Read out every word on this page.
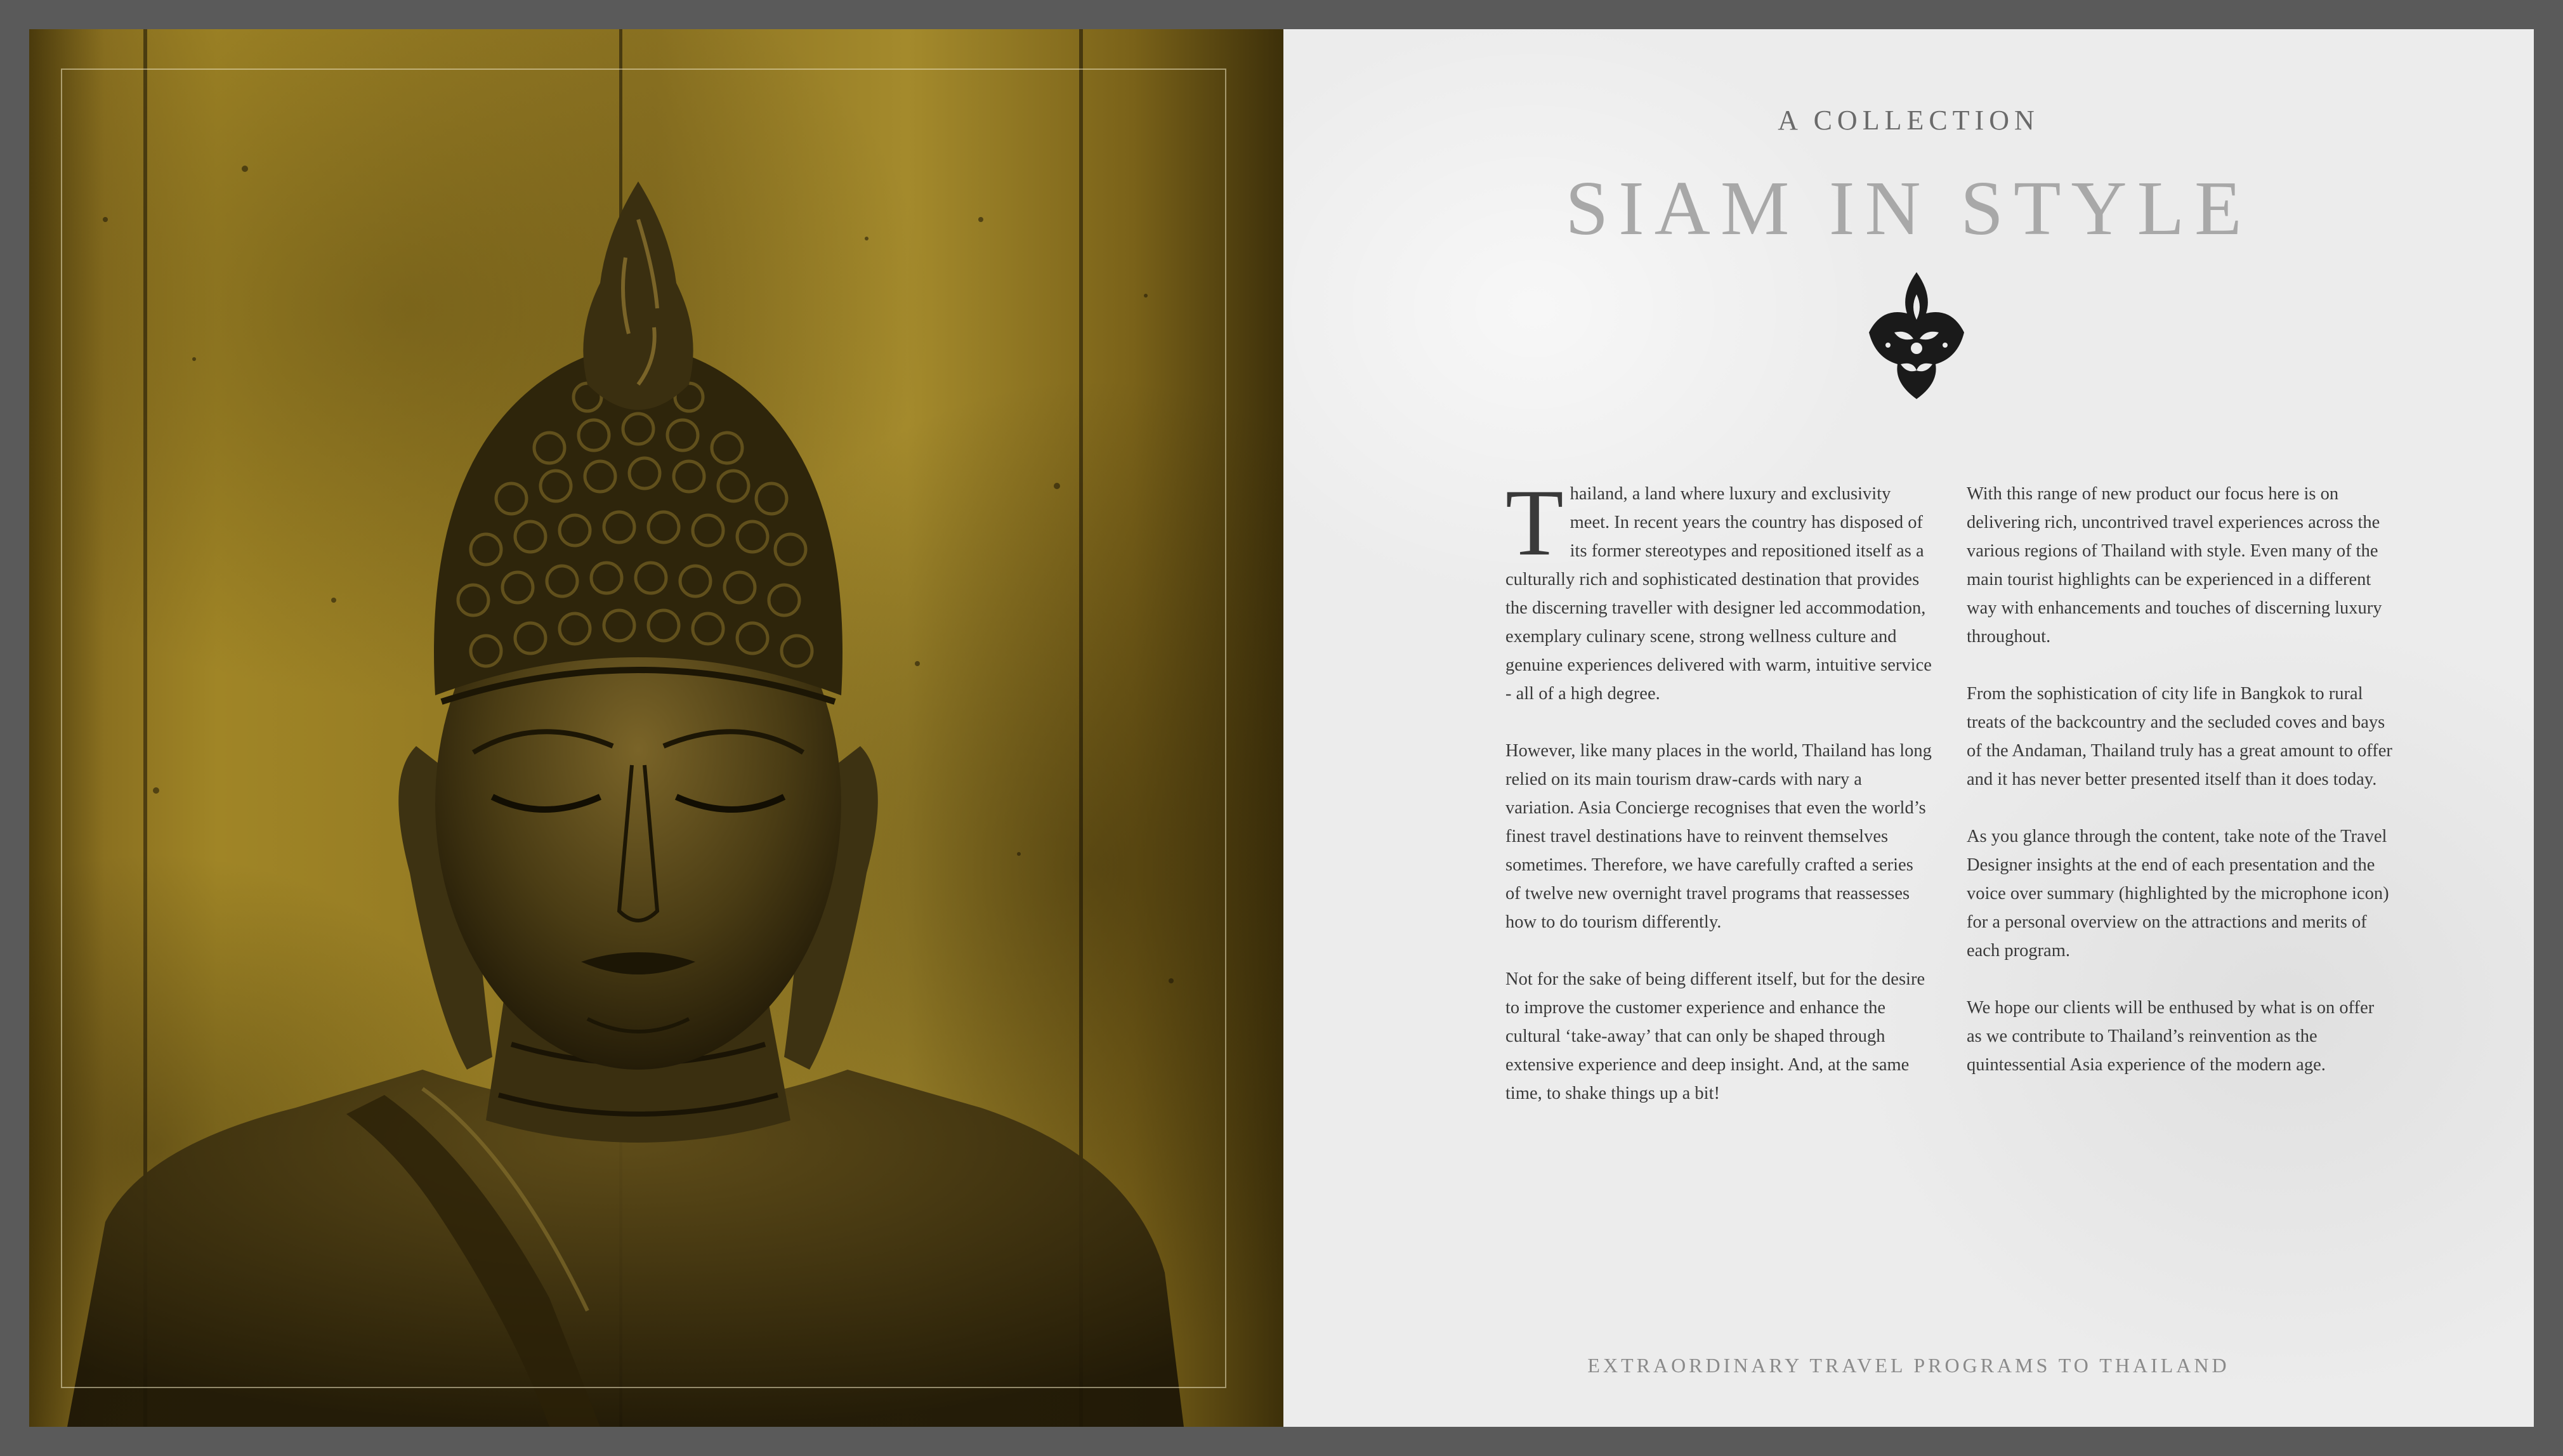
A COLLECTION
SIAM IN STYLE

Thailand, a land where luxury and exclusivity meet. In recent years the country has disposed of its former stereotypes and repositioned itself as a culturally rich and sophisticated destination that provides the discerning traveller with designer led accommodation, exemplary culinary scene, strong wellness culture and genuine experiences delivered with warm, intuitive service - all of a high degree.

However, like many places in the world, Thailand has long relied on its main tourism draw-cards with nary a variation. Asia Concierge recognises that even the world’s finest travel destinations have to reinvent themselves sometimes. Therefore, we have carefully crafted a series of twelve new overnight travel programs that reassesses how to do tourism differently.

Not for the sake of being different itself, but for the desire to improve the customer experience and enhance the cultural ‘take-away’ that can only be shaped through extensive experience and deep insight. And, at the same time, to shake things up a bit!

With this range of new product our focus here is on delivering rich, uncontrived travel experiences across the various regions of Thailand with style. Even many of the main tourist highlights can be experienced in a different way with enhancements and touches of discerning luxury throughout.

From the sophistication of city life in Bangkok to rural treats of the backcountry and the secluded coves and bays of the Andaman, Thailand truly has a great amount to offer and it has never better presented itself than it does today.

As you glance through the content, take note of the Travel Designer insights at the end of each presentation and the voice over summary (highlighted by the microphone icon) for a personal overview on the attractions and merits of each program.

We hope our clients will be enthused by what is on offer as we contribute to Thailand’s reinvention as the quintessential Asia experience of the modern age.

EXTRAORDINARY TRAVEL PROGRAMS TO THAILAND
